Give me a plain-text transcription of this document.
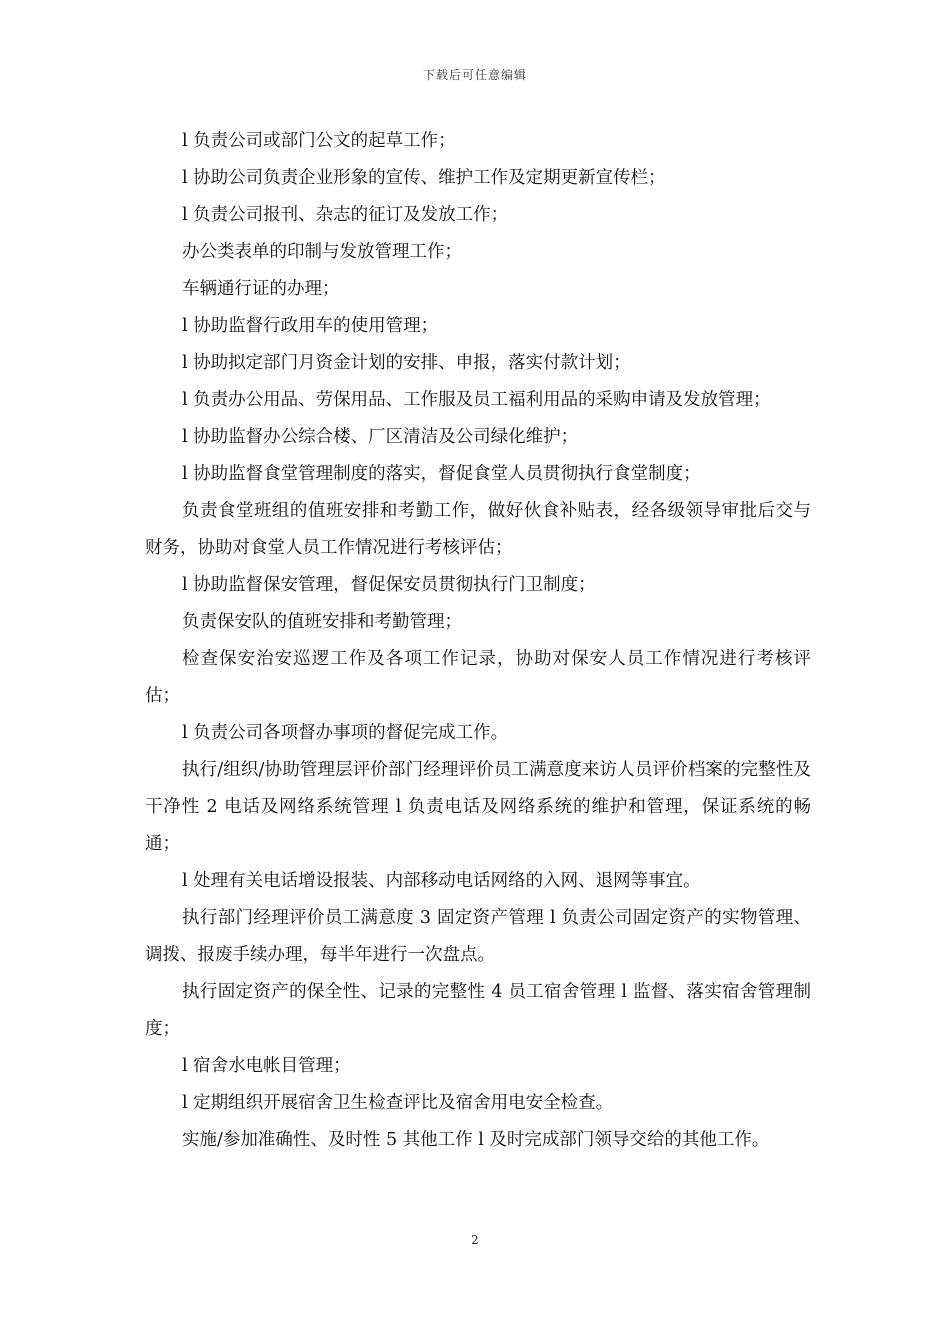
下载后可任意编辑

l 负责公司或部门公文的起草工作；

l 协助公司负责企业形象的宣传、维护工作及定期更新宣传栏；

l 负责公司报刊、杂志的征订及发放工作；

办公类表单的印制与发放管理工作；

车辆通行证的办理；

l 协助监督行政用车的使用管理；

l 协助拟定部门月资金计划的安排、申报，落实付款计划；

l 负责办公用品、劳保用品、工作服及员工福利用品的采购申请及发放管理；

l 协助监督办公综合楼、厂区清洁及公司绿化维护；

l 协助监督食堂管理制度的落实，督促食堂人员贯彻执行食堂制度；

负责食堂班组的值班安排和考勤工作，做好伙食补贴表，经各级领导审批后交与财务，协助对食堂人员工作情况进行考核评估；

l 协助监督保安管理，督促保安员贯彻执行门卫制度；

负责保安队的值班安排和考勤管理；

检查保安治安巡逻工作及各项工作记录，协助对保安人员工作情况进行考核评估；

l 负责公司各项督办事项的督促完成工作。

执行/组织/协助管理层评价部门经理评价员工满意度来访人员评价档案的完整性及干净性 2 电话及网络系统管理 l 负责电话及网络系统的维护和管理，保证系统的畅通；

l 处理有关电话增设报装、内部移动电话网络的入网、退网等事宜。

执行部门经理评价员工满意度 3 固定资产管理 l 负责公司固定资产的实物管理、调拨、报废手续办理，每半年进行一次盘点。

执行固定资产的保全性、记录的完整性 4 员工宿舍管理 l 监督、落实宿舍管理制度；

l 宿舍水电帐目管理；

l 定期组织开展宿舍卫生检查评比及宿舍用电安全检查。

实施/参加准确性、及时性 5 其他工作 l 及时完成部门领导交给的其他工作。

2
